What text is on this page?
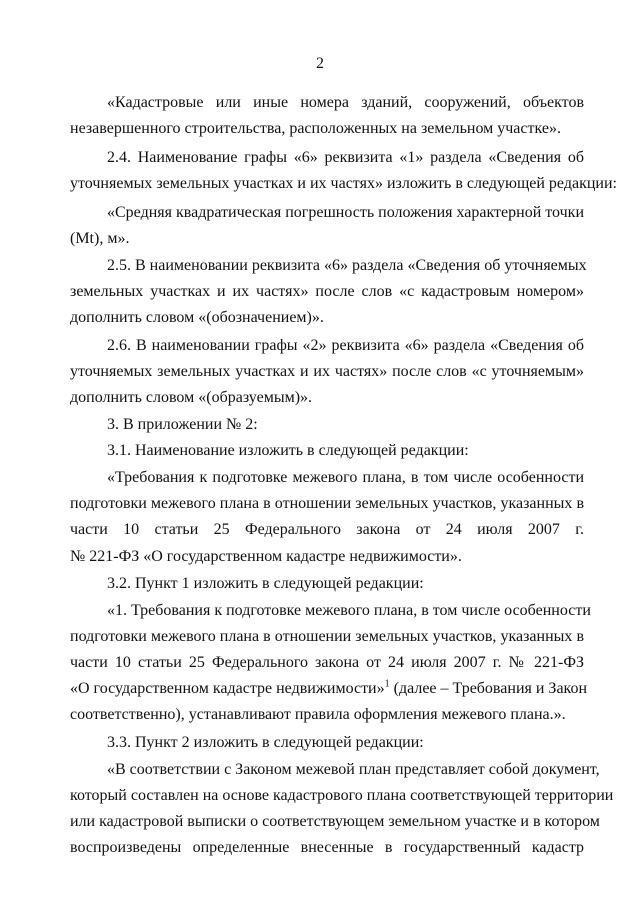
2
«Кадастровые или иные номера зданий, сооружений, объектов
незавершенного строительства, расположенных на земельном участке».
2.4. Наименование графы «6» реквизита «1» раздела «Сведения об
уточняемых земельных участках и их частях» изложить в следующей редакции:
«Средняя квадратическая погрешность положения характерной точки
(Mt), м».
2.5. В наименовании реквизита «6» раздела «Сведения об уточняемых
земельных участках и их частях» после слов «с кадастровым номером»
дополнить словом «(обозначением)».
2.6. В наименовании графы «2» реквизита «6» раздела «Сведения об
уточняемых земельных участках и их частях» после слов «с уточняемым»
дополнить словом «(образуемым)».
3. В приложении № 2:
3.1. Наименование изложить в следующей редакции:
«Требования к подготовке межевого плана, в том числе особенности
подготовки межевого плана в отношении земельных участков, указанных в
части 10 статьи 25 Федерального закона от 24 июля 2007 г.
№ 221-ФЗ «О государственном кадастре недвижимости».
3.2. Пункт 1 изложить в следующей редакции:
«1. Требования к подготовке межевого плана, в том числе особенности
подготовки межевого плана в отношении земельных участков, указанных в
части 10 статьи 25 Федерального закона от 24 июля 2007 г. № 221-ФЗ
«О государственном кадастре недвижимости»$^1$ (далее – Требования и Закон
соответственно), устанавливают правила оформления межевого плана.».
3.3. Пункт 2 изложить в следующей редакции:
«В соответствии с Законом межевой план представляет собой документ,
который составлен на основе кадастрового плана соответствующей территории
или кадастровой выписки о соответствующем земельном участке и в котором
воспроизведены определенные внесенные в государственный кадастр
